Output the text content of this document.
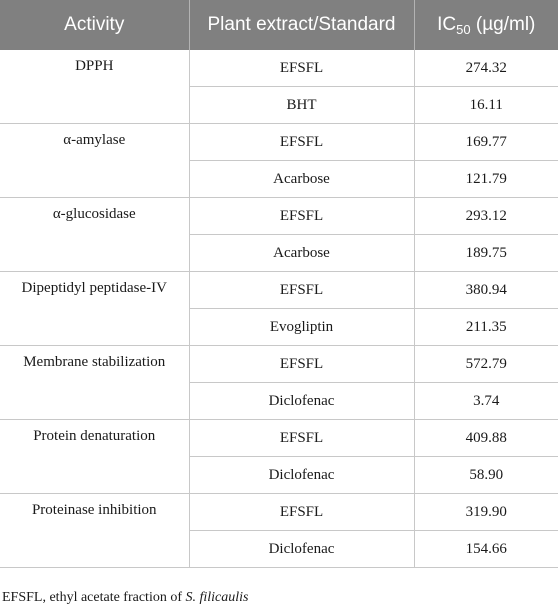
Activity	Plant extract/Standard	$IC_{50}$ (µg/ml)
DPPH	EFSFL	274.32
	BHT	16.11
α-amylase	EFSFL	169.77
	Acarbose	121.79
α-glucosidase	EFSFL	293.12
	Acarbose	189.75
Dipeptidyl peptidase-IV	EFSFL	380.94
	Evogliptin	211.35
Membrane stabilization	EFSFL	572.79
	Diclofenac	3.74
Protein denaturation	EFSFL	409.88
	Diclofenac	58.90
Proteinase inhibition	EFSFL	319.90
	Diclofenac	154.66
EFSFL, ethyl acetate fraction of S. filicaulis
